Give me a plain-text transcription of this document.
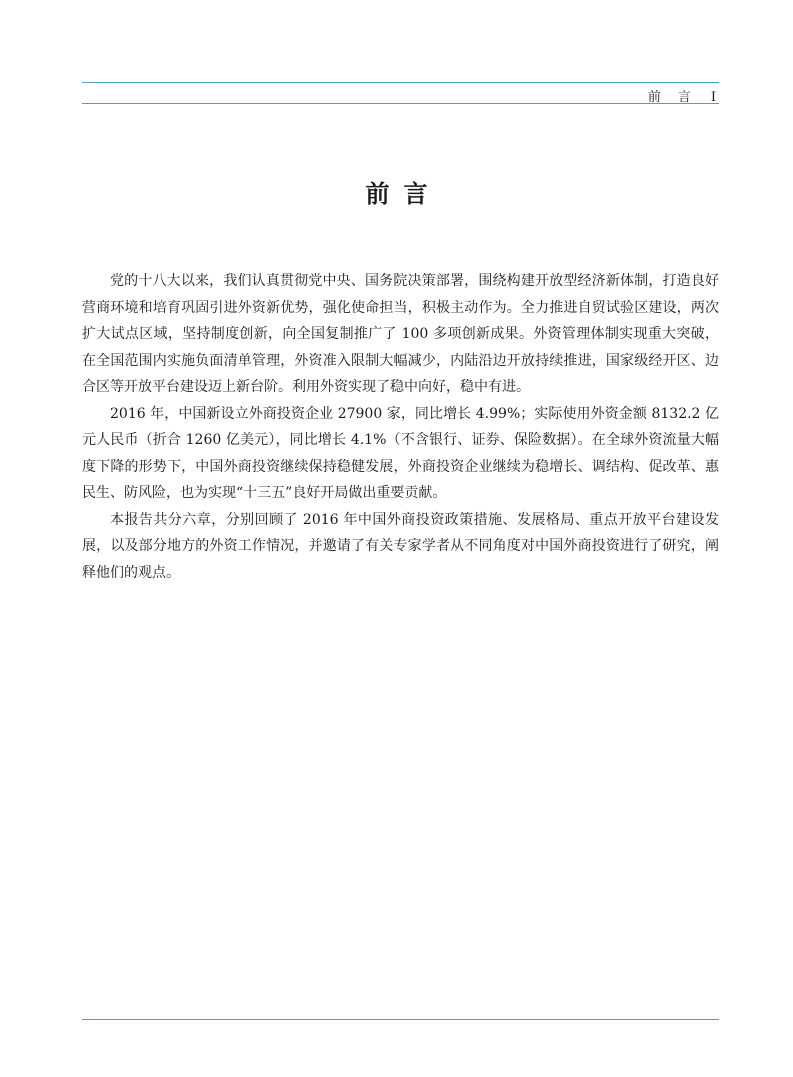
前　言 I
前言

党的十八大以来，我们认真贯彻党中央、国务院决策部署，围绕构建开放型经济新体制，打造良好营商环境和培育巩固引进外资新优势，强化使命担当，积极主动作为。全力推进自贸试验区建设，两次扩大试点区域，坚持制度创新，向全国复制推广了 100 多项创新成果。外资管理体制实现重大突破，在全国范围内实施负面清单管理，外资准入限制大幅减少，内陆沿边开放持续推进，国家级经开区、边合区等开放平台建设迈上新台阶。利用外资实现了稳中向好，稳中有进。

2016 年，中国新设立外商投资企业 27900 家，同比增长 4.99%；实际使用外资金额 8132.2 亿元人民币（折合 1260 亿美元），同比增长 4.1%（不含银行、证券、保险数据）。在全球外资流量大幅度下降的形势下，中国外商投资继续保持稳健发展，外商投资企业继续为稳增长、调结构、促改革、惠民生、防风险，也为实现“十三五”良好开局做出重要贡献。

本报告共分六章，分别回顾了 2016 年中国外商投资政策措施、发展格局、重点开放平台建设发展，以及部分地方的外资工作情况，并邀请了有关专家学者从不同角度对中国外商投资进行了研究，阐释他们的观点。
